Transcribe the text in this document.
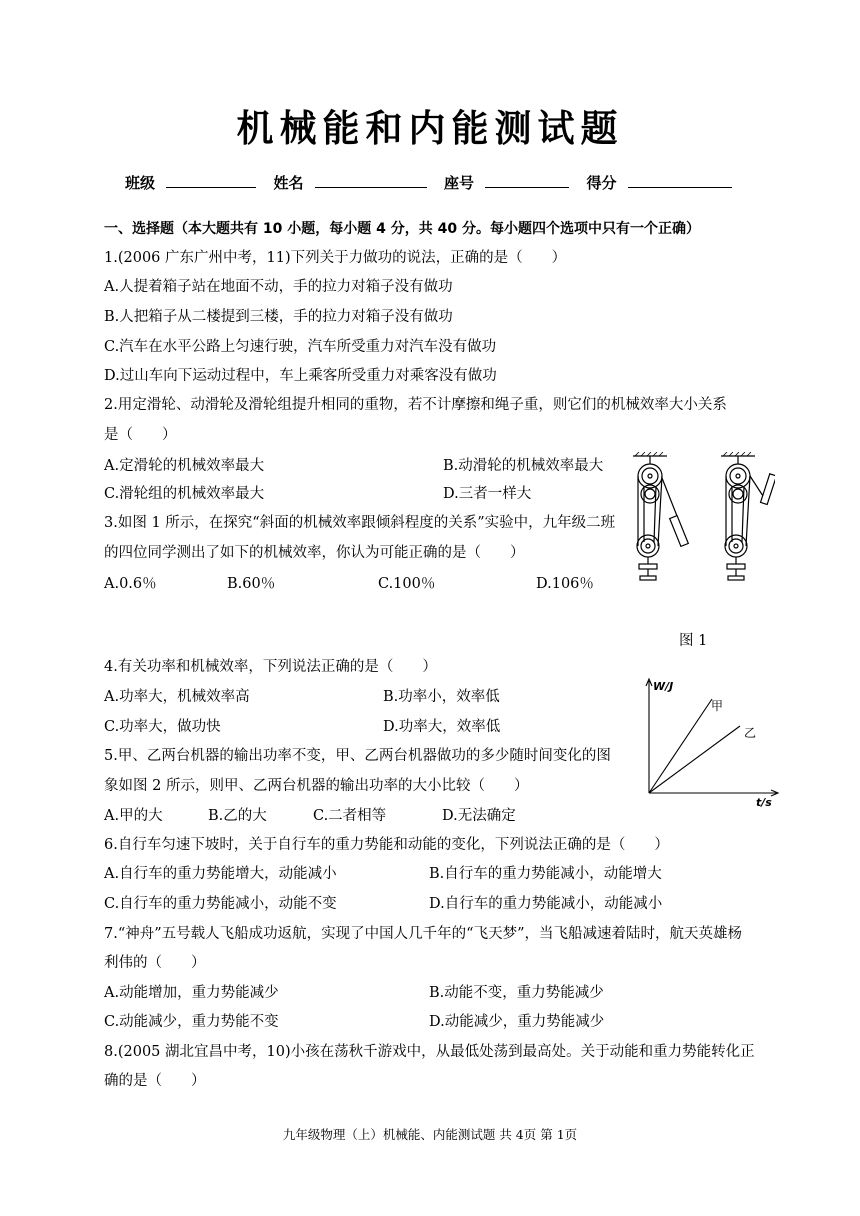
机械能和内能测试题
班级	姓名	座号	得分
一、选择题（本大题共有 10 小题，每小题 4 分，共 40 分。每小题四个选项中只有一个正确）
1.(2006 广东广州中考，11)下列关于力做功的说法，正确的是（　　）
A.人提着箱子站在地面不动，手的拉力对箱子没有做功
B.人把箱子从二楼提到三楼，手的拉力对箱子没有做功
C.汽车在水平公路上匀速行驶，汽车所受重力对汽车没有做功
D.过山车向下运动过程中，车上乘客所受重力对乘客没有做功
2.用定滑轮、动滑轮及滑轮组提升相同的重物，若不计摩擦和绳子重，则它们的机械效率大小关系
是（　　）
A.定滑轮的机械效率最大	B.动滑轮的机械效率最大
C.滑轮组的机械效率最大	D.三者一样大
3.如图 1 所示，在探究“斜面的机械效率跟倾斜程度的关系”实验中，九年级二班
的四位同学测出了如下的机械效率，你认为可能正确的是（　　）
A.0.6％	B.60％	C.100％	D.106％
图 1
4.有关功率和机械效率，下列说法正确的是（　　）
A.功率大，机械效率高	B.功率小，效率低
C.功率大，做功快	D.功率大，效率低
5.甲、乙两台机器的输出功率不变，甲、乙两台机器做功的多少随时间变化的图
象如图 2 所示，则甲、乙两台机器的输出功率的大小比较（　　）
A.甲的大	B.乙的大	C.二者相等	D.无法确定
W/J
t/s
甲
乙
6.自行车匀速下坡时，关于自行车的重力势能和动能的变化，下列说法正确的是（　　）
A.自行车的重力势能增大，动能减小	B.自行车的重力势能减小，动能增大
C.自行车的重力势能减小，动能不变	D.自行车的重力势能减小，动能减小
7.“神舟”五号载人飞船成功返航，实现了中国人几千年的“飞天梦”，当飞船减速着陆时，航天英雄杨
利伟的（　　）
A.动能增加，重力势能减少	B.动能不变，重力势能减少
C.动能减少，重力势能不变	D.动能减少，重力势能减少
8.(2005 湖北宜昌中考，10)小孩在荡秋千游戏中，从最低处荡到最高处。关于动能和重力势能转化正
确的是（　　）
九年级物理（上）机械能、内能测试题 共 4页 第 1页
